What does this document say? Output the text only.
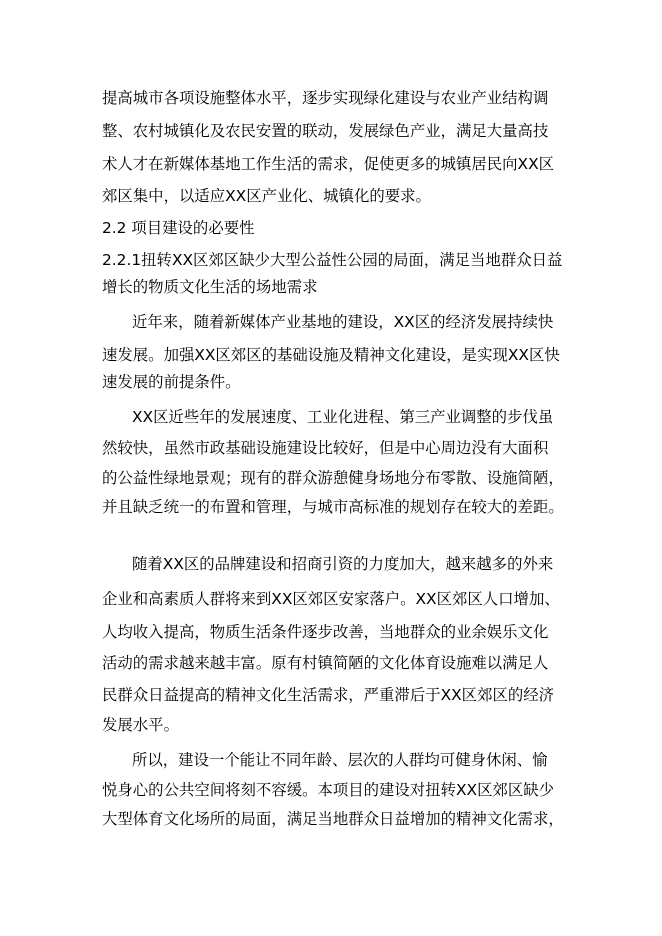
提高城市各项设施整体水平，逐步实现绿化建设与农业产业结构调
整、农村城镇化及农民安置的联动，发展绿色产业，满足大量高技
术人才在新媒体基地工作生活的需求，促使更多的城镇居民向XX区
郊区集中，以适应XX区产业化、城镇化的要求。
2.2 项目建设的必要性
2.2.1扭转XX区郊区缺少大型公益性公园的局面，满足当地群众日益
增长的物质文化生活的场地需求
近年来，随着新媒体产业基地的建设，XX区的经济发展持续快
速发展。加强XX区郊区的基础设施及精神文化建设，是实现XX区快
速发展的前提条件。
XX区近些年的发展速度、工业化进程、第三产业调整的步伐虽
然较快，虽然市政基础设施建设比较好，但是中心周边没有大面积
的公益性绿地景观；现有的群众游憩健身场地分布零散、设施简陋，
并且缺乏统一的布置和管理，与城市高标准的规划存在较大的差距。
随着XX区的品牌建设和招商引资的力度加大，越来越多的外来
企业和高素质人群将来到XX区郊区安家落户。XX区郊区人口增加、
人均收入提高，物质生活条件逐步改善，当地群众的业余娱乐文化
活动的需求越来越丰富。原有村镇简陋的文化体育设施难以满足人
民群众日益提高的精神文化生活需求，严重滞后于XX区郊区的经济
发展水平。
所以，建设一个能让不同年龄、层次的人群均可健身休闲、愉
悦身心的公共空间将刻不容缓。本项目的建设对扭转XX区郊区缺少
大型体育文化场所的局面，满足当地群众日益增加的精神文化需求，
